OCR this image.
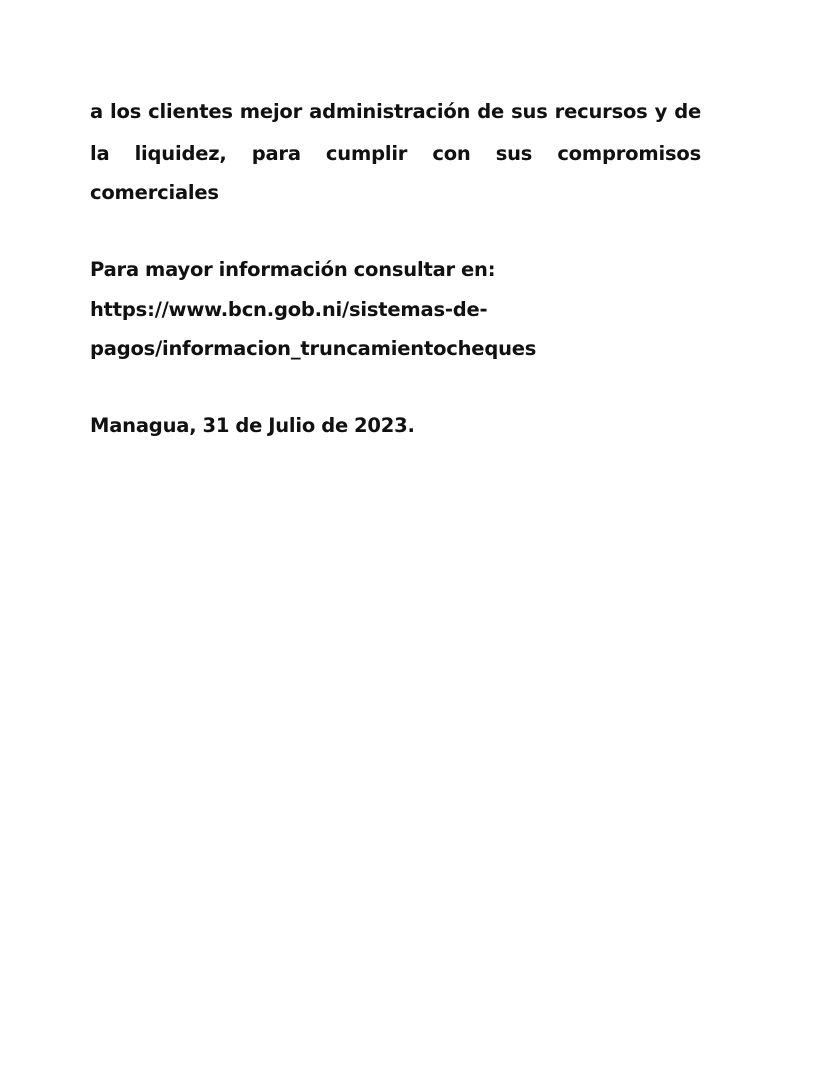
a los clientes mejor administración de sus recursos y de
la liquidez, para cumplir con sus compromisos
comerciales
Para mayor información consultar en:
https://www.bcn.gob.ni/sistemas-de-
pagos/informacion_truncamientocheques
Managua, 31 de Julio de 2023.
